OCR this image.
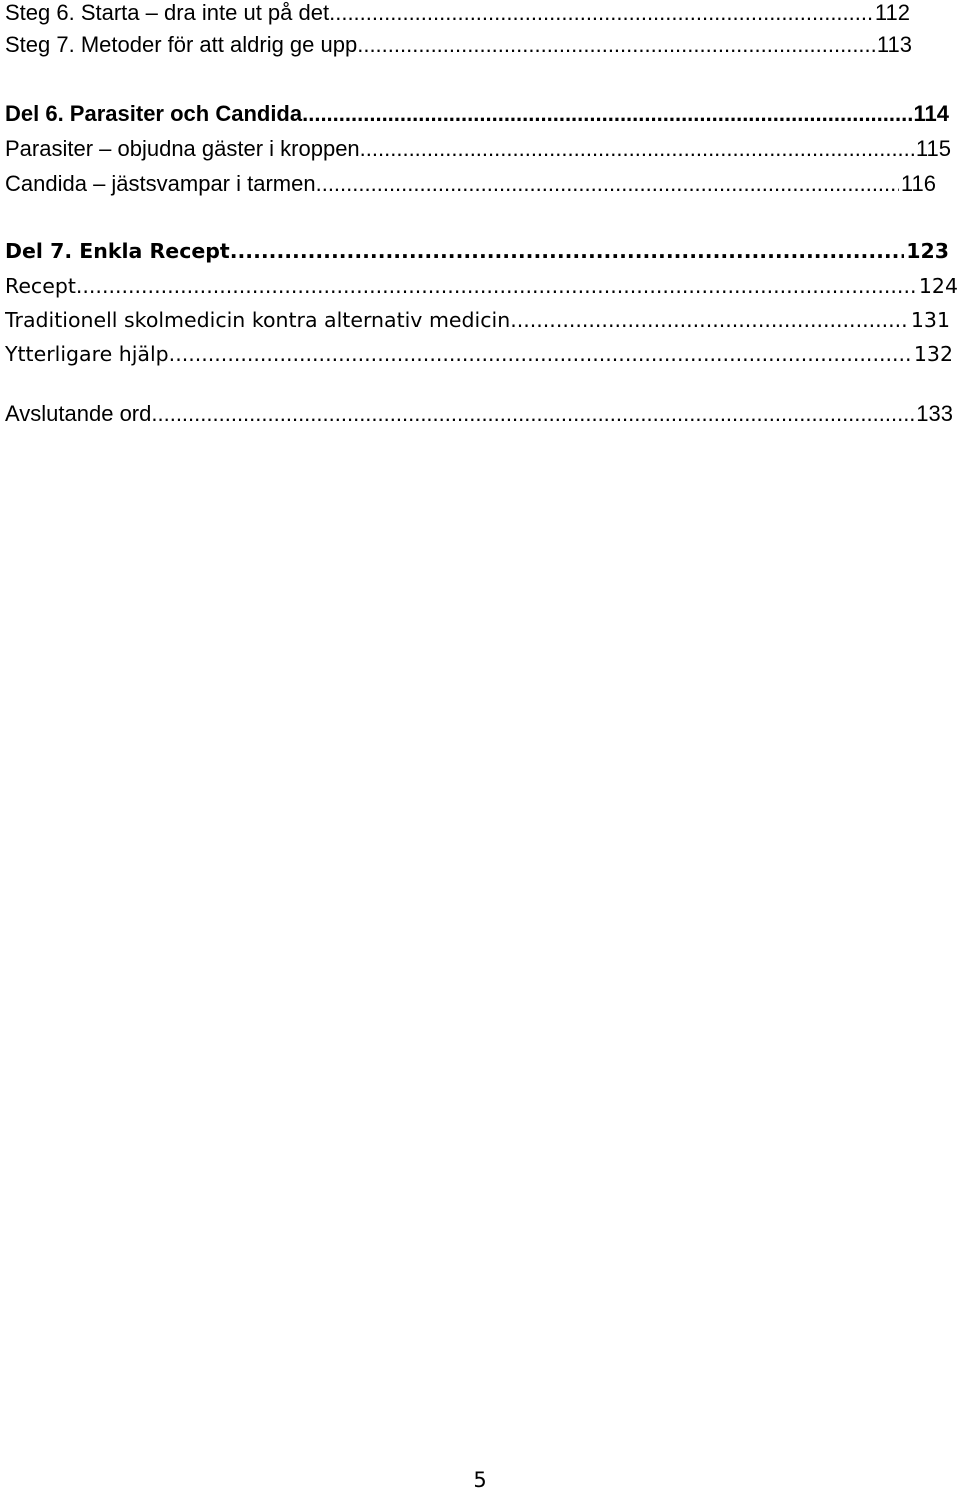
Steg 6. Starta – dra inte ut på det. .....	112
Steg 7. Metoder för att aldrig ge upp. .....	113
Del 6. Parasiter och Candida .....	114
Parasiter – objudna gäster i kroppen .....	115
Candida – jästsvampar i tarmen .....	116
Del 7. Enkla Recept .....	123
Recept .....	124
Traditionell skolmedicin kontra alternativ medicin .....	131
Ytterligare hjälp .....	132
Avslutande ord .....	133
5
